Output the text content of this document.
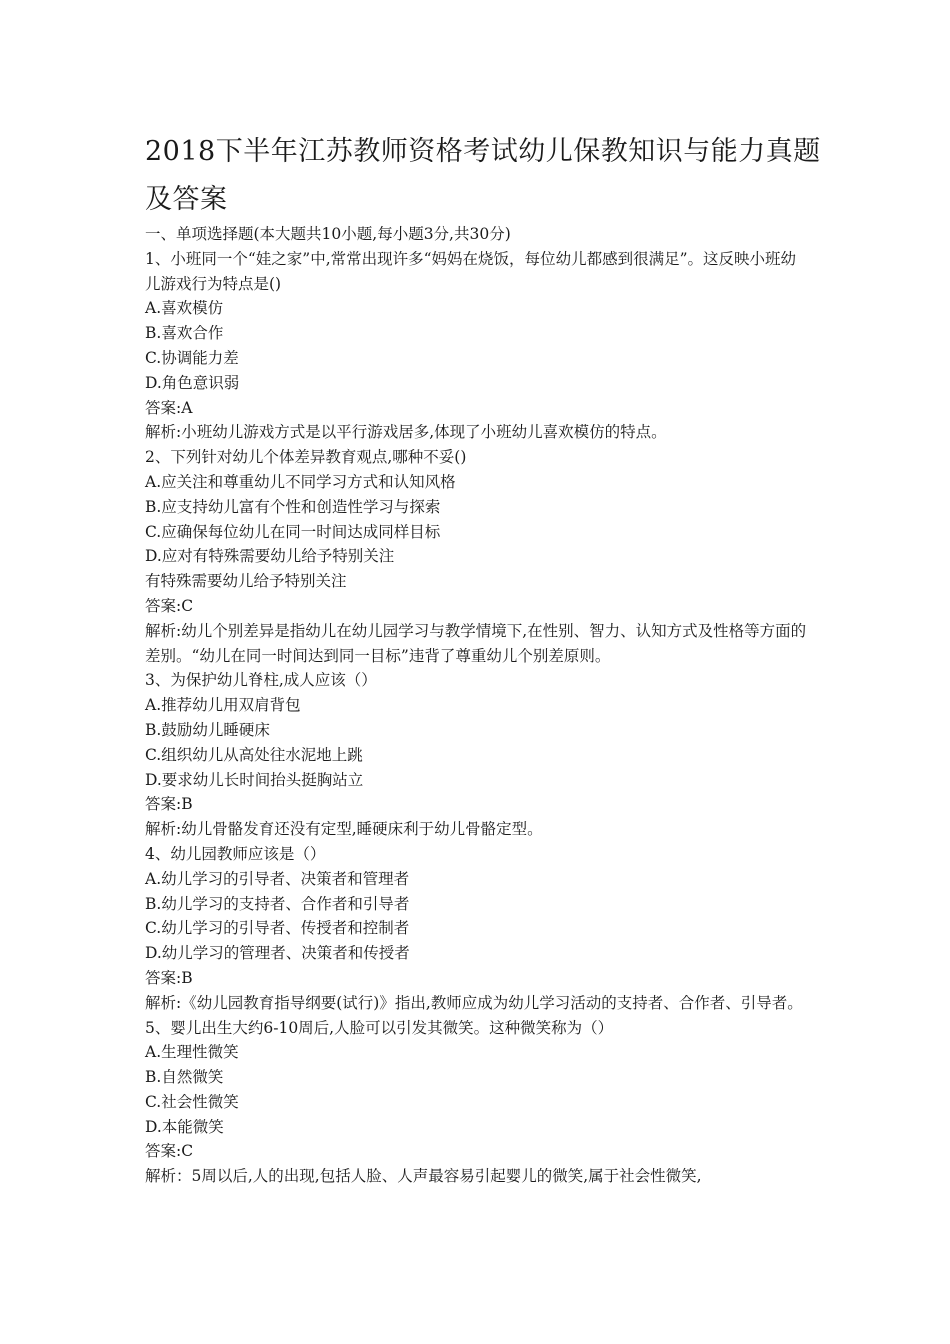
2018下半年江苏教师资格考试幼儿保教知识与能力真题及答案

一、单项选择题(本大题共10小题,每小题3分,共30分)

1、小班同一个“娃之家”中,常常出现许多“妈妈在烧饭，每位幼儿都感到很满足”。这反映小班幼儿游戏行为特点是()

A.喜欢模仿

B.喜欢合作

C.协调能力差

D.角色意识弱

答案:A

解析:小班幼儿游戏方式是以平行游戏居多,体现了小班幼儿喜欢模仿的特点。

2、下列针对幼儿个体差异教育观点,哪种不妥()

A.应关注和尊重幼儿不同学习方式和认知风格

B.应支持幼儿富有个性和创造性学习与探索

C.应确保每位幼儿在同一时间达成同样目标

D.应对有特殊需要幼儿给予特别关注

有特殊需要幼儿给予特别关注

答案:C

解析:幼儿个别差异是指幼儿在幼儿园学习与教学情境下,在性别、智力、认知方式及性格等方面的差别。“幼儿在同一时间达到同一目标”违背了尊重幼儿个别差原则。

3、为保护幼儿脊柱,成人应该（）

A.推荐幼儿用双肩背包

B.鼓励幼儿睡硬床

C.组织幼儿从高处往水泥地上跳

D.要求幼儿长时间抬头挺胸站立

答案:B

解析:幼儿骨骼发育还没有定型,睡硬床利于幼儿骨骼定型。

4、幼儿园教师应该是（）

A.幼儿学习的引导者、决策者和管理者

B.幼儿学习的支持者、合作者和引导者

C.幼儿学习的引导者、传授者和控制者

D.幼儿学习的管理者、决策者和传授者

答案:B

解析:《幼儿园教育指导纲要(试行)》指出,教师应成为幼儿学习活动的支持者、合作者、引导者。

5、婴儿出生大约6-10周后,人脸可以引发其微笑。这种微笑称为（）

A.生理性微笑

B.自然微笑

C.社会性微笑

D.本能微笑

答案:C

解析：5周以后,人的出现,包括人脸、人声最容易引起婴儿的微笑,属于社会性微笑,
